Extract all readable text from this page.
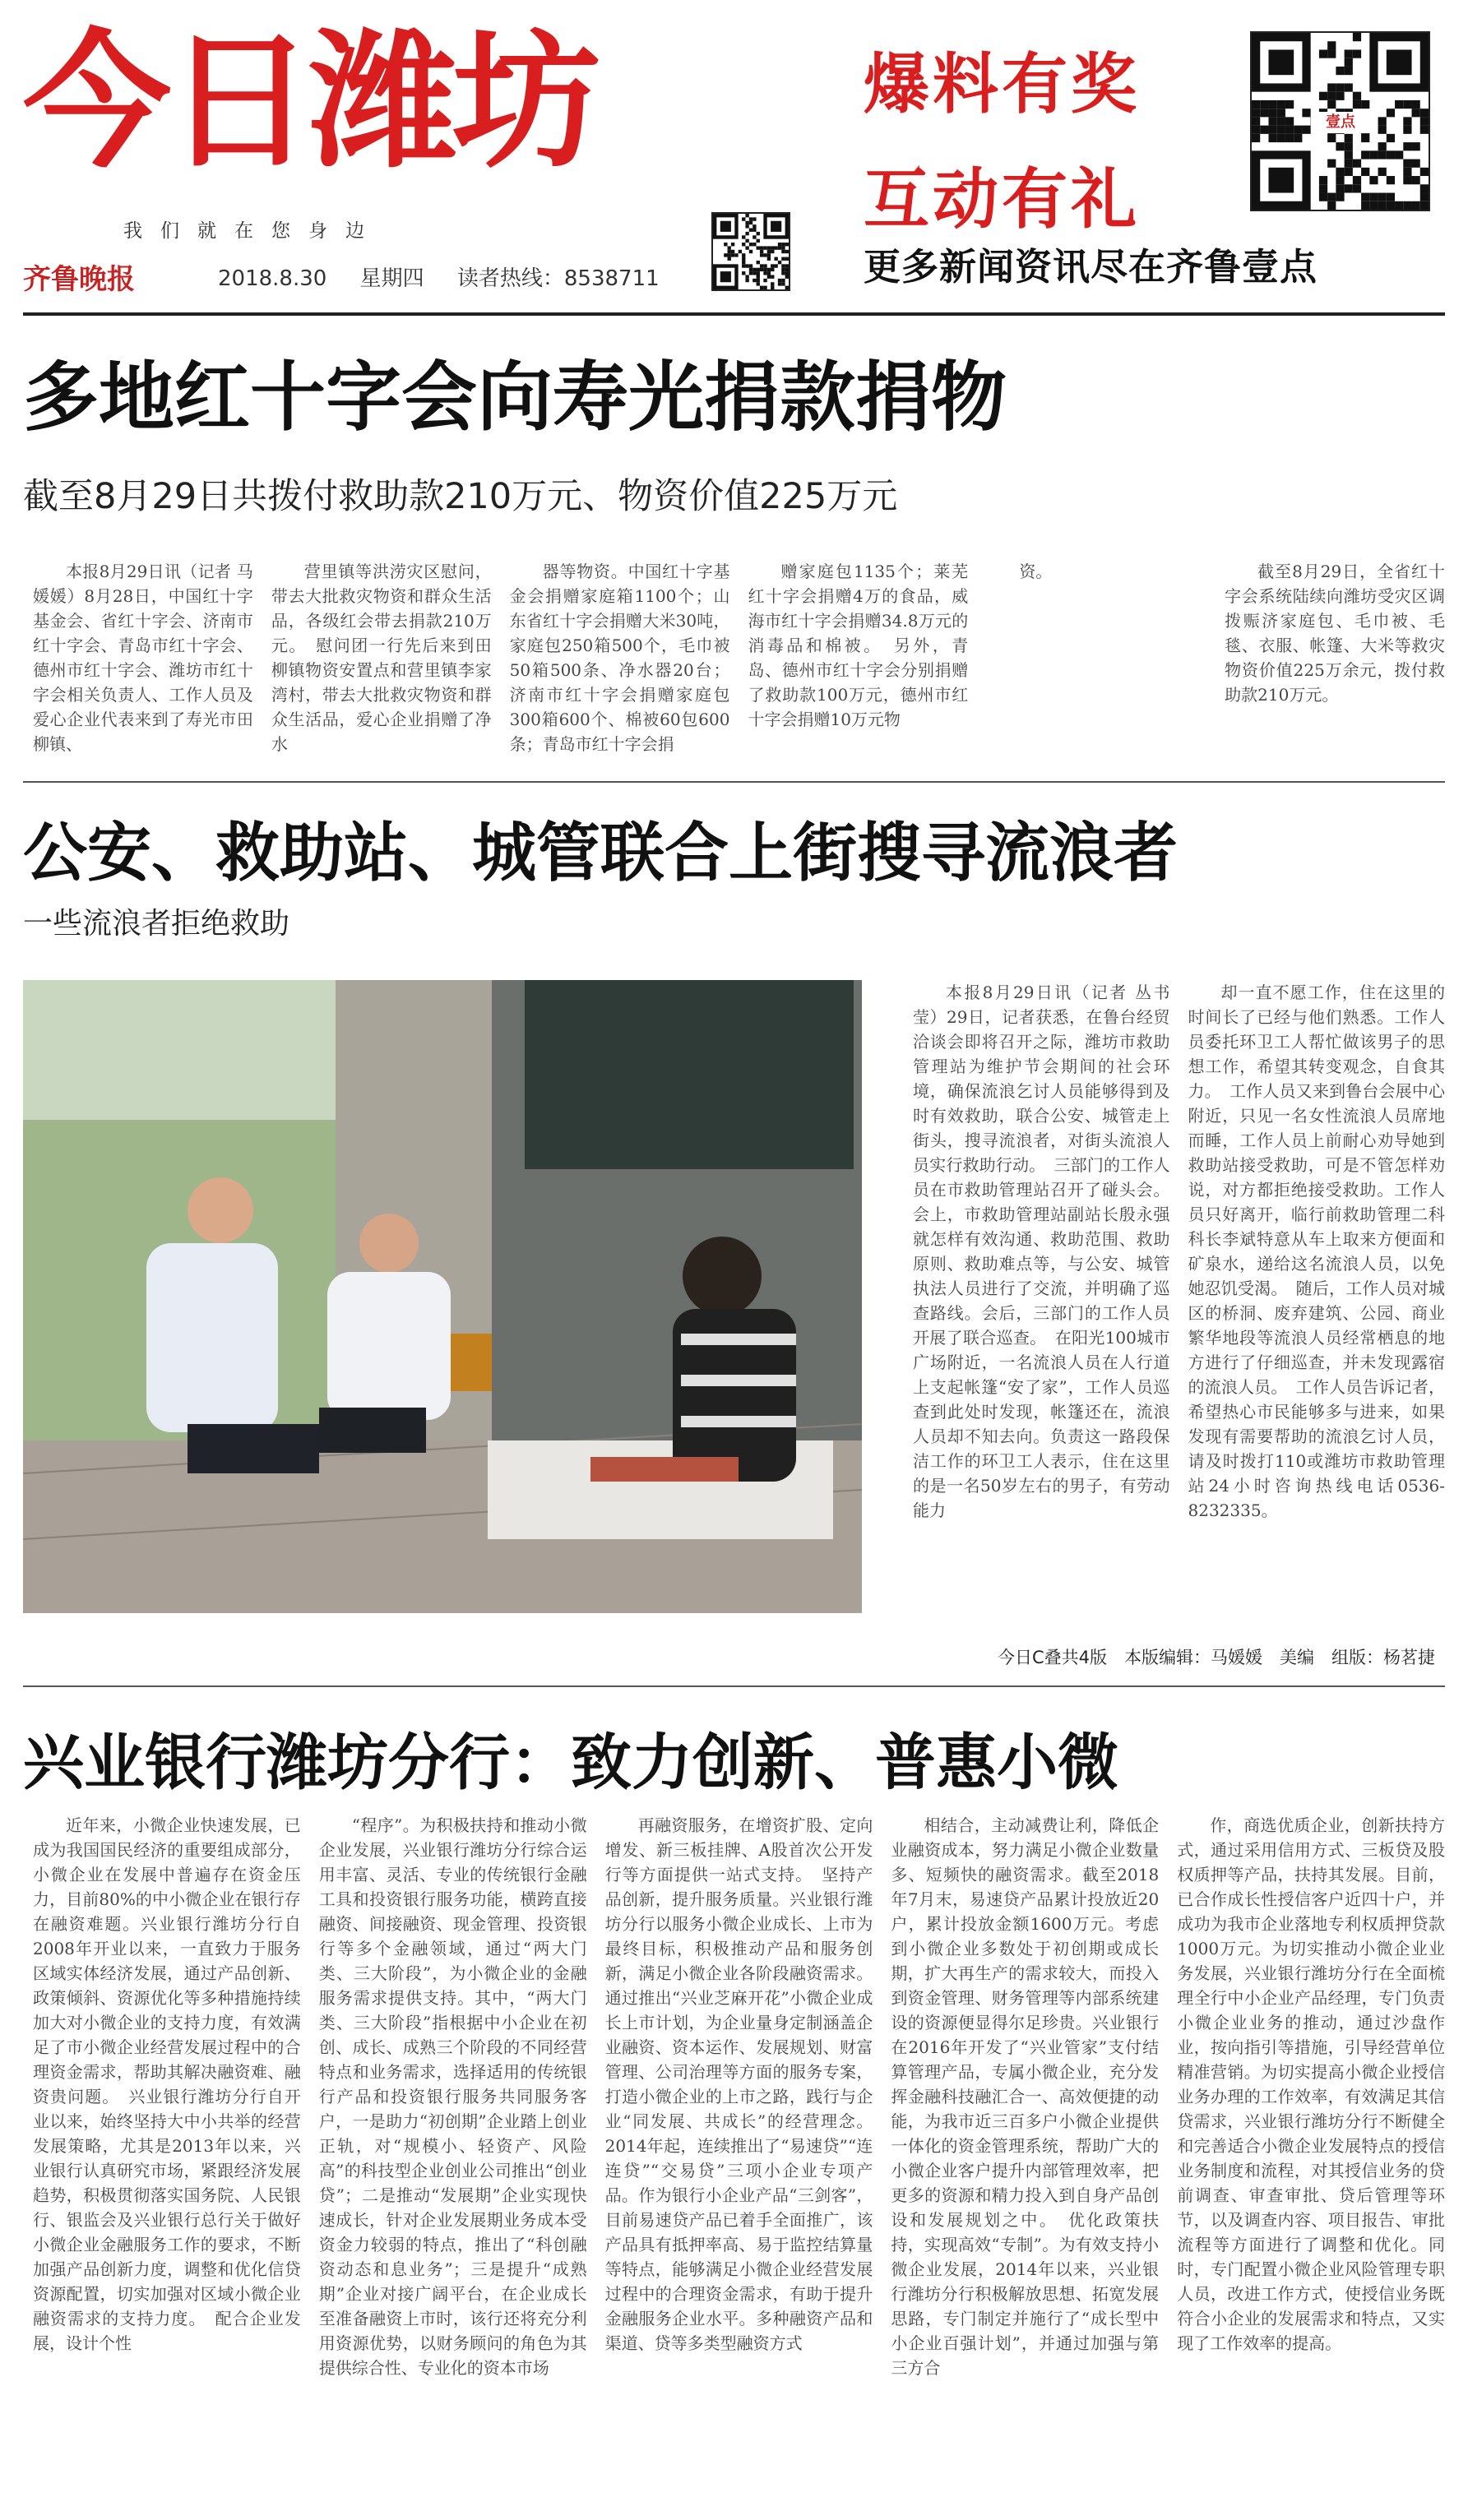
今日潍坊
我们就在您身边
齐鲁晚报	2018.8.30 星期四 读者热线：8538711
爆料有奖
互动有礼
更多新闻资讯尽在齐鲁壹点
壹点
多地红十字会向寿光捐款捐物
截至8月29日共拨付救助款210万元、物资价值225万元

本报8月29日讯（记者 马媛媛）8月28日，中国红十字基金会、省红十字会、济南市红十字会、青岛市红十字会、德州市红十字会、潍坊市红十字会相关负责人、工作人员及爱心企业代表来到了寿光市田柳镇、

营里镇等洪涝灾区慰问，带去大批救灾物资和群众生活品，各级红会带去捐款210万元。　慰问团一行先后来到田柳镇物资安置点和营里镇李家湾村，带去大批救灾物资和群众生活品，爱心企业捐赠了净水

器等物资。中国红十字基金会捐赠家庭箱1100个；山东省红十字会捐赠大米30吨，家庭包250箱500个，毛巾被50箱500条、净水器20台；济南市红十字会捐赠家庭包300箱600个、棉被60包600条；青岛市红十字会捐

赠家庭包1135个；莱芜红十字会捐赠4万的食品，威海市红十字会捐赠34.8万元的消毒品和棉被。　另外，青岛、德州市红十字会分别捐赠了救助款100万元，德州市红十字会捐赠10万元物

资。	截至8月29日，全省红十字会系统陆续向潍坊受灾区调拨赈济家庭包、毛巾被、毛毯、衣服、帐篷、大米等救灾物资价值225万余元，拨付救助款210万元。

公安、救助站、城管联合上街搜寻流浪者
一些流浪者拒绝救助

本报8月29日讯（记者 丛书莹）29日，记者获悉，在鲁台经贸洽谈会即将召开之际，潍坊市救助管理站为维护节会期间的社会环境，确保流浪乞讨人员能够得到及时有效救助，联合公安、城管走上街头，搜寻流浪者，对街头流浪人员实行救助行动。　三部门的工作人员在市救助管理站召开了碰头会。会上，市救助管理站副站长殷永强就怎样有效沟通、救助范围、救助原则、救助难点等，与公安、城管执法人员进行了交流，并明确了巡查路线。会后，三部门的工作人员开展了联合巡查。　在阳光100城市广场附近，一名流浪人员在人行道上支起帐篷“安了家”，工作人员巡查到此处时发现，帐篷还在，流浪人员却不知去向。负责这一路段保洁工作的环卫工人表示，住在这里的是一名50岁左右的男子，有劳动能力

却一直不愿工作，住在这里的时间长了已经与他们熟悉。工作人员委托环卫工人帮忙做该男子的思想工作，希望其转变观念，自食其力。　工作人员又来到鲁台会展中心附近，只见一名女性流浪人员席地而睡，工作人员上前耐心劝导她到救助站接受救助，可是不管怎样劝说，对方都拒绝接受救助。工作人员只好离开，临行前救助管理二科科长李斌特意从车上取来方便面和矿泉水，递给这名流浪人员，以免她忍饥受渴。　随后，工作人员对城区的桥洞、废弃建筑、公园、商业繁华地段等流浪人员经常栖息的地方进行了仔细巡查，并未发现露宿的流浪人员。　工作人员告诉记者，希望热心市民能够多与进来，如果发现有需要帮助的流浪乞讨人员，请及时拨打110或潍坊市救助管理站24小时咨询热线电话0536-8232335。

今日C叠共4版　本版编辑：马媛媛　美编　组版：杨茗捷
兴业银行潍坊分行：致力创新、普惠小微

近年来，小微企业快速发展，已成为我国国民经济的重要组成部分，小微企业在发展中普遍存在资金压力，目前80%的中小微企业在银行存在融资难题。兴业银行潍坊分行自2008年开业以来，一直致力于服务区域实体经济发展，通过产品创新、政策倾斜、资源优化等多种措施持续加大对小微企业的支持力度，有效满足了市小微企业经营发展过程中的合理资金需求，帮助其解决融资难、融资贵问题。　兴业银行潍坊分行自开业以来，始终坚持大中小共举的经营发展策略，尤其是2013年以来，兴业银行认真研究市场，紧跟经济发展趋势，积极贯彻落实国务院、人民银行、银监会及兴业银行总行关于做好小微企业金融服务工作的要求，不断加强产品创新力度，调整和优化信贷资源配置，切实加强对区域小微企业融资需求的支持力度。　配合企业发展，设计个性

“程序”。为积极扶持和推动小微企业发展，兴业银行潍坊分行综合运用丰富、灵活、专业的传统银行金融工具和投资银行服务功能，横跨直接融资、间接融资、现金管理、投资银行等多个金融领域，通过“两大门类、三大阶段”，为小微企业的金融服务需求提供支持。其中，“两大门类、三大阶段”指根据中小企业在初创、成长、成熟三个阶段的不同经营特点和业务需求，选择适用的传统银行产品和投资银行服务共同服务客户，一是助力“初创期”企业踏上创业正轨，对“规模小、轻资产、风险高”的科技型企业创业公司推出“创业贷”；二是推动“发展期”企业实现快速成长，针对企业发展期业务成本受资金力较弱的特点，推出了“科创融资动态和息业务”；三是提升“成熟期”企业对接广阔平台，在企业成长至准备融资上市时，该行还将充分利用资源优势，以财务顾问的角色为其提供综合性、专业化的资本市场

再融资服务，在增资扩股、定向增发、新三板挂牌、A股首次公开发行等方面提供一站式支持。　坚持产品创新，提升服务质量。兴业银行潍坊分行以服务小微企业成长、上市为最终目标，积极推动产品和服务创新，满足小微企业各阶段融资需求。通过推出“兴业芝麻开花”小微企业成长上市计划，为企业量身定制涵盖企业融资、资本运作、发展规划、财富管理、公司治理等方面的服务专案，打造小微企业的上市之路，践行与企业“同发展、共成长”的经营理念。2014年起，连续推出了“易速贷”“连连贷”“交易贷”三项小企业专项产品。作为银行小企业产品“三剑客”，目前易速贷产品已着手全面推广，该产品具有抵押率高、易于监控结算量等特点，能够满足小微企业经营发展过程中的合理资金需求，有助于提升金融服务企业水平。多种融资产品和渠道、贷等多类型融资方式

相结合，主动减费让利，降低企业融资成本，努力满足小微企业数量多、短频快的融资需求。截至2018年7月末，易速贷产品累计投放近20户，累计投放金额1600万元。考虑到小微企业多数处于初创期或成长期，扩大再生产的需求较大，而投入到资金管理、财务管理等内部系统建设的资源便显得尔足珍贵。兴业银行在2016年开发了“兴业管家”支付结算管理产品，专属小微企业，充分发挥金融科技融汇合一、高效便捷的动能，为我市近三百多户小微企业提供一体化的资金管理系统，帮助广大的小微企业客户提升内部管理效率，把更多的资源和精力投入到自身产品创设和发展规划之中。　优化政策扶持，实现高效“专制”。为有效支持小微企业发展，2014年以来，兴业银行潍坊分行积极解放思想、拓宽发展思路，专门制定并施行了“成长型中小企业百强计划”，并通过加强与第三方合

作，商选优质企业，创新扶持方式，通过采用信用方式、三板贷及股权质押等产品，扶持其发展。目前，已合作成长性授信客户近四十户，并成功为我市企业落地专利权质押贷款1000万元。为切实推动小微企业业务发展，兴业银行潍坊分行在全面梳理全行中小企业产品经理，专门负责小微企业业务的推动，通过沙盘作业，按向指引等措施，引导经营单位精准营销。为切实提高小微企业授信业务办理的工作效率，有效满足其信贷需求，兴业银行潍坊分行不断健全和完善适合小微企业发展特点的授信业务制度和流程，对其授信业务的贷前调查、审查审批、贷后管理等环节，以及调查内容、项目报告、审批流程等方面进行了调整和优化。同时，专门配置小微企业风险管理专职人员，改进工作方式，使授信业务既符合小企业的发展需求和特点，又实现了工作效率的提高。
